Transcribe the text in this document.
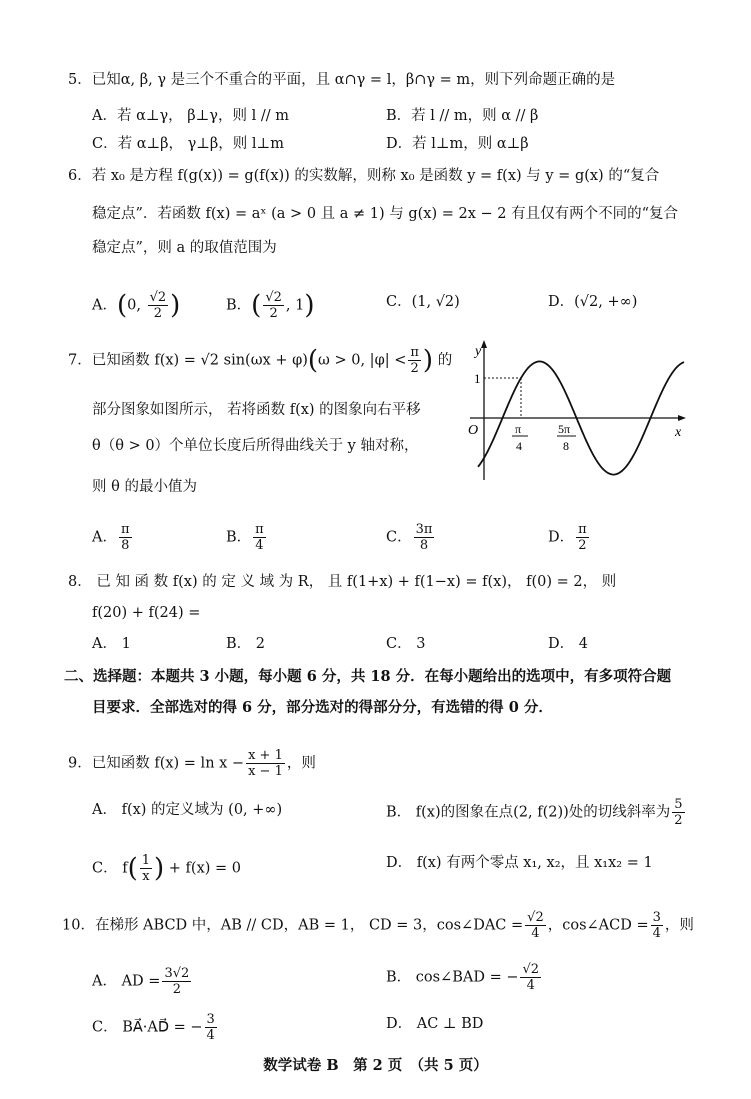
5．已知α, β, γ 是三个不重合的平面，且 α∩γ = l，β∩γ = m，则下列命题正确的是
A．若 α⊥γ， β⊥γ，则 l // m	B．若 l // m，则 α // β
C．若 α⊥β， γ⊥β，则 l⊥m	D．若 l⊥m，则 α⊥β
6．若 x₀ 是方程 f(g(x)) = g(f(x)) 的实数解，则称 x₀ 是函数 y = f(x) 与 y = g(x) 的“复合
稳定点”．若函数 f(x) = aˣ (a > 0 且 a ≠ 1) 与 g(x) = 2x − 2 有且仅有两个不同的“复合
稳定点”，则 a 的取值范围为
A．(0, $\frac{√2}{2}$ )	B．( $\frac{√2}{2}$ , 1)	C．(1, √2)	D．(√2, +∞)
7．已知函数 f(x) = √2 sin(ωx + φ)(ω > 0, $|\varphi| < \frac{\pi}{2}$ ) 的
部分图象如图所示， 若将函数 f(x) 的图象向右平移
θ（θ > 0）个单位长度后所得曲线关于 y 轴对称，
则 θ 的最小值为
y
x
O
1
π
4
5π
8
A． $\frac{\pi}{8}$	B． $\frac{\pi}{4}$	C． $\frac{3\pi}{8}$	D． $\frac{\pi}{2}$
8． 已 知 函 数 f(x) 的 定 义 域 为 R， 且 f(1+x) + f(1−x) = f(x)， f(0) = 2， 则
f(20) + f(24) =
A． 1	B． 2	C． 3	D． 4
二、选择题：本题共 3 小题，每小题 6 分，共 18 分．在每小题给出的选项中，有多项符合题
目要求．全部选对的得 6 分，部分选对的得部分分，有选错的得 0 分．
9．已知函数 $f(x) = \ln x - \frac{x + 1}{x - 1}$ ，则
A． f(x) 的定义域为 (0, +∞)	B． f(x)的图象在点(2, f(2))处的切线斜率为 $\frac{5}{2}$
C． $f( \frac{1}{x}$ ) + f(x) = 0	D． f(x) 有两个零点 x₁, x₂，且 x₁x₂ = 1
10．在梯形 ABCD 中，AB // CD，AB = 1， CD = 3，cos∠DAC = $\frac{√2}{4}$ ，cos∠ACD = $\frac{3}{4}$ ，则
A． AD = $\frac{3√2}{2}$	B． cos∠BAD = − $\frac{√2}{4}$
C． BA⃗·AD⃗ = − $\frac{3}{4}$	D． AC ⊥ BD
数学试卷 B　第 2 页　（共 5 页）
